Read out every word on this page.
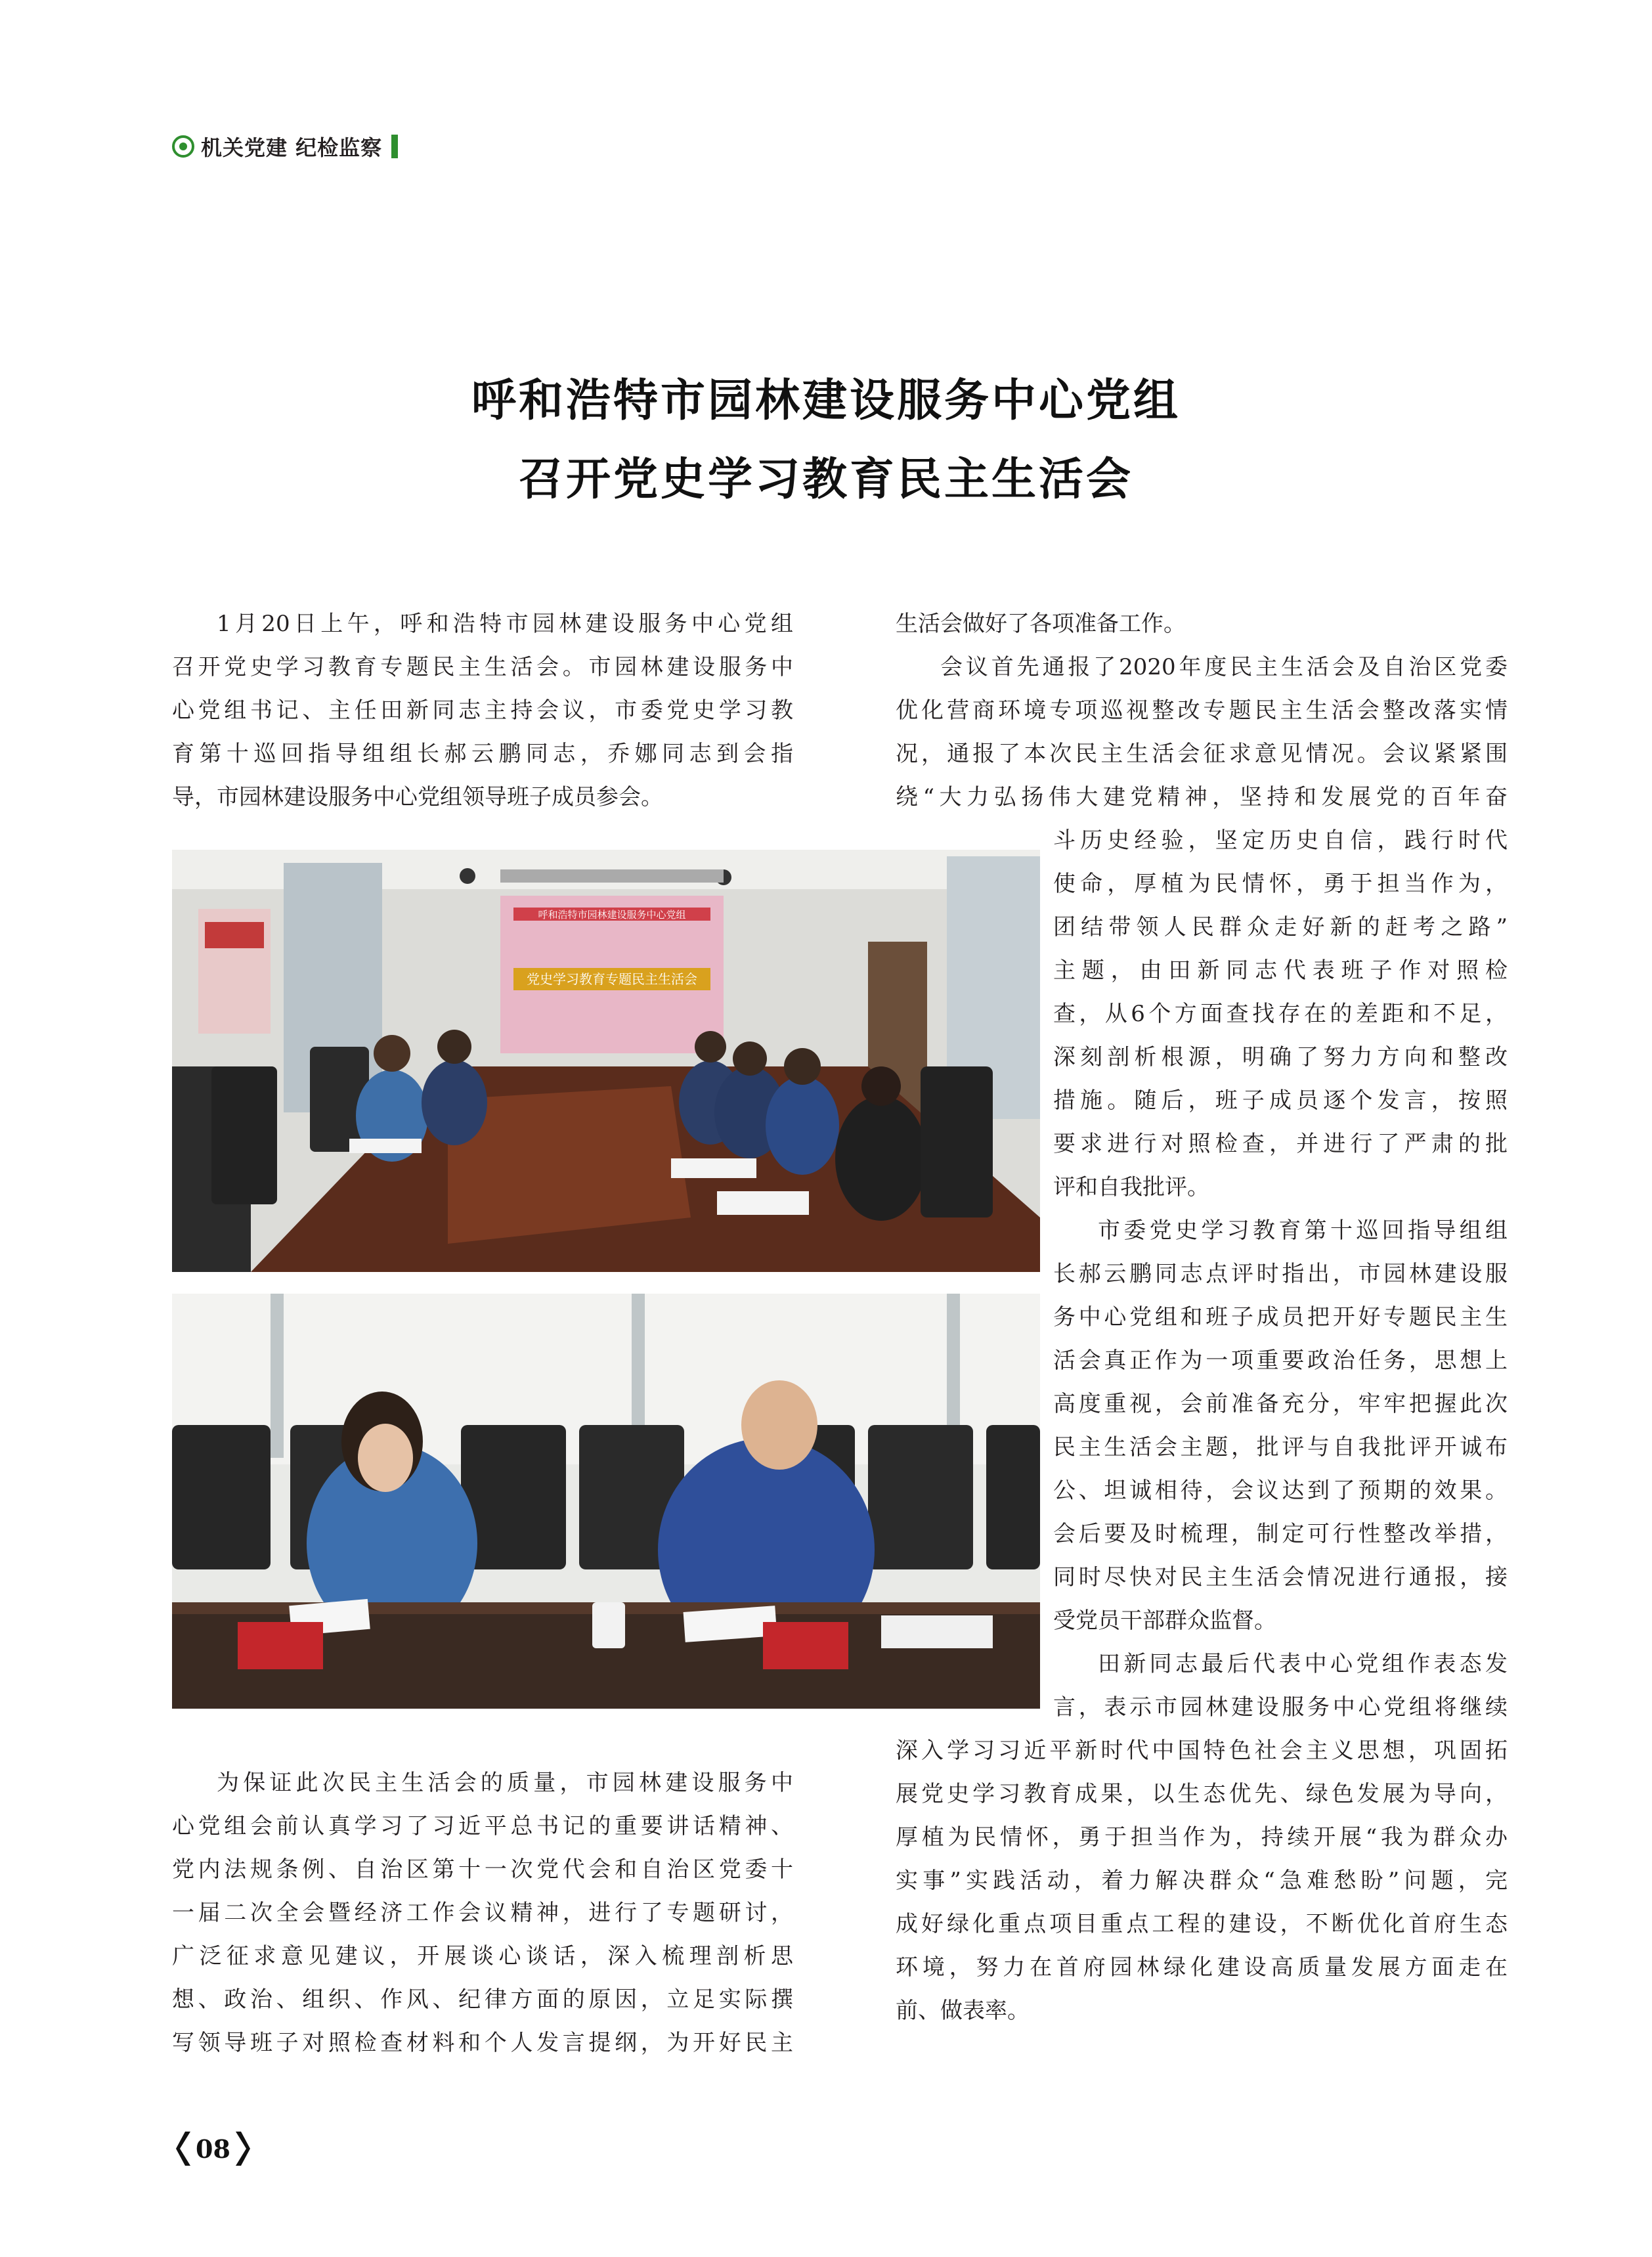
机关党建 纪检监察
呼和浩特市园林建设服务中心党组
召开党史学习教育民主生活会

1月20日上午，呼和浩特市园林建设服务中心党组

召开党史学习教育专题民主生活会。市园林建设服务中

心党组书记、主任田新同志主持会议，市委党史学习教

育第十巡回指导组组长郝云鹏同志，乔娜同志到会指

导，市园林建设服务中心党组领导班子成员参会。

呼和浩特市园林建设服务中心党组
党史学习教育专题民主生活会

为保证此次民主生活会的质量，市园林建设服务中

心党组会前认真学习了习近平总书记的重要讲话精神、

党内法规条例、自治区第十一次党代会和自治区党委十

一届二次全会暨经济工作会议精神，进行了专题研讨，

广泛征求意见建议，开展谈心谈话，深入梳理剖析思

想、政治、组织、作风、纪律方面的原因，立足实际撰

写领导班子对照检查材料和个人发言提纲，为开好民主

生活会做好了各项准备工作。

会议首先通报了2020年度民主生活会及自治区党委

优化营商环境专项巡视整改专题民主生活会整改落实情

况，通报了本次民主生活会征求意见情况。会议紧紧围

绕“大力弘扬伟大建党精神，坚持和发展党的百年奋

斗历史经验，坚定历史自信，践行时代

使命，厚植为民情怀，勇于担当作为，

团结带领人民群众走好新的赶考之路”

主题，由田新同志代表班子作对照检

查，从6个方面查找存在的差距和不足，

深刻剖析根源，明确了努力方向和整改

措施。随后，班子成员逐个发言，按照

要求进行对照检查，并进行了严肃的批

评和自我批评。

市委党史学习教育第十巡回指导组组

长郝云鹏同志点评时指出，市园林建设服

务中心党组和班子成员把开好专题民主生

活会真正作为一项重要政治任务，思想上

高度重视，会前准备充分，牢牢把握此次

民主生活会主题，批评与自我批评开诚布

公、坦诚相待，会议达到了预期的效果。

会后要及时梳理，制定可行性整改举措，

同时尽快对民主生活会情况进行通报，接

受党员干部群众监督。

田新同志最后代表中心党组作表态发

言，表示市园林建设服务中心党组将继续

深入学习习近平新时代中国特色社会主义思想，巩固拓

展党史学习教育成果，以生态优先、绿色发展为导向，

厚植为民情怀，勇于担当作为，持续开展“我为群众办

实事”实践活动，着力解决群众“急难愁盼”问题，完

成好绿化重点项目重点工程的建设，不断优化首府生态

环境，努力在首府园林绿化建设高质量发展方面走在

前、做表率。

08
